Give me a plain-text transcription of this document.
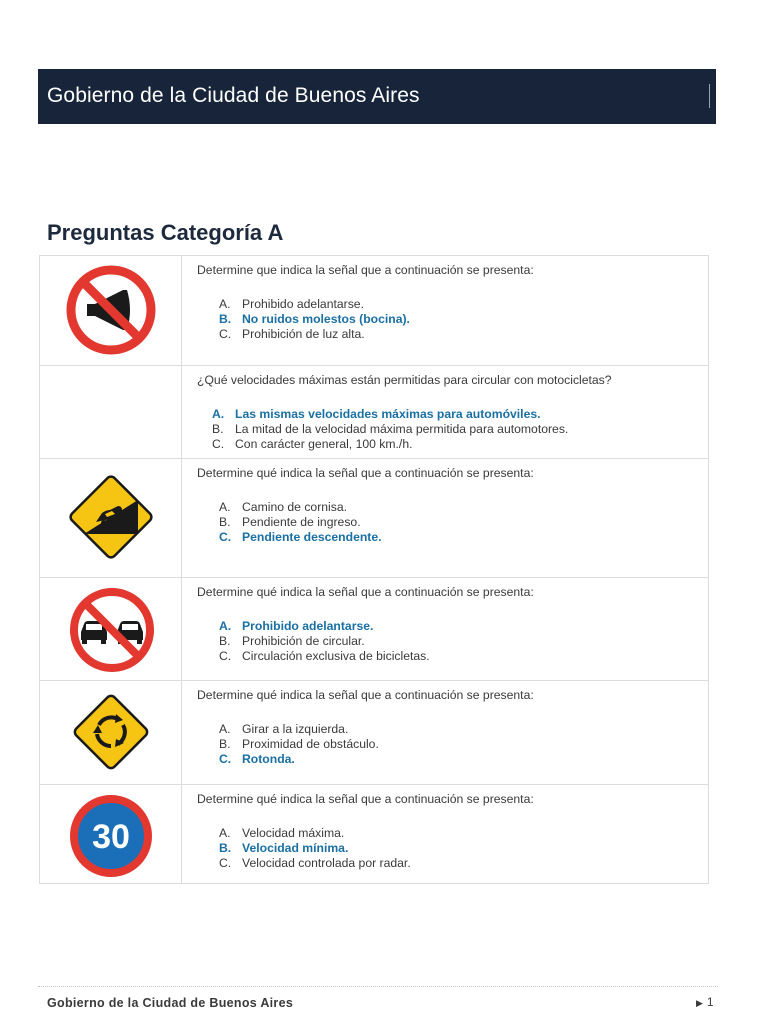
Gobierno de la Ciudad de Buenos Aires
Preguntas Categoría A

Determine que indica la señal que a continuación se presenta:

A. Prohibido adelantarse.
B. No ruidos molestos (bocina).
C. Prohibición de luz alta.

¿Qué velocidades máximas están permitidas para circular con motocicletas?

A. Las mismas velocidades máximas para automóviles.
B. La mitad de la velocidad máxima permitida para automotores.
C. Con carácter general, 100 km./h.

Determine qué indica la señal que a continuación se presenta:

A. Camino de cornisa.
B. Pendiente de ingreso.
C. Pendiente descendente.

Determine qué indica la señal que a continuación se presenta:

A. Prohibido adelantarse.
B. Prohibición de circular.
C. Circulación exclusiva de bicicletas.

Determine qué indica la señal que a continuación se presenta:

A. Girar a la izquierda.
B. Proximidad de obstáculo.
C. Rotonda.
30

Determine qué indica la señal que a continuación se presenta:

A. Velocidad máxima.
B. Velocidad mínima.
C. Velocidad controlada por radar.
Gobierno de la Ciudad de Buenos Aires	▶ 1
